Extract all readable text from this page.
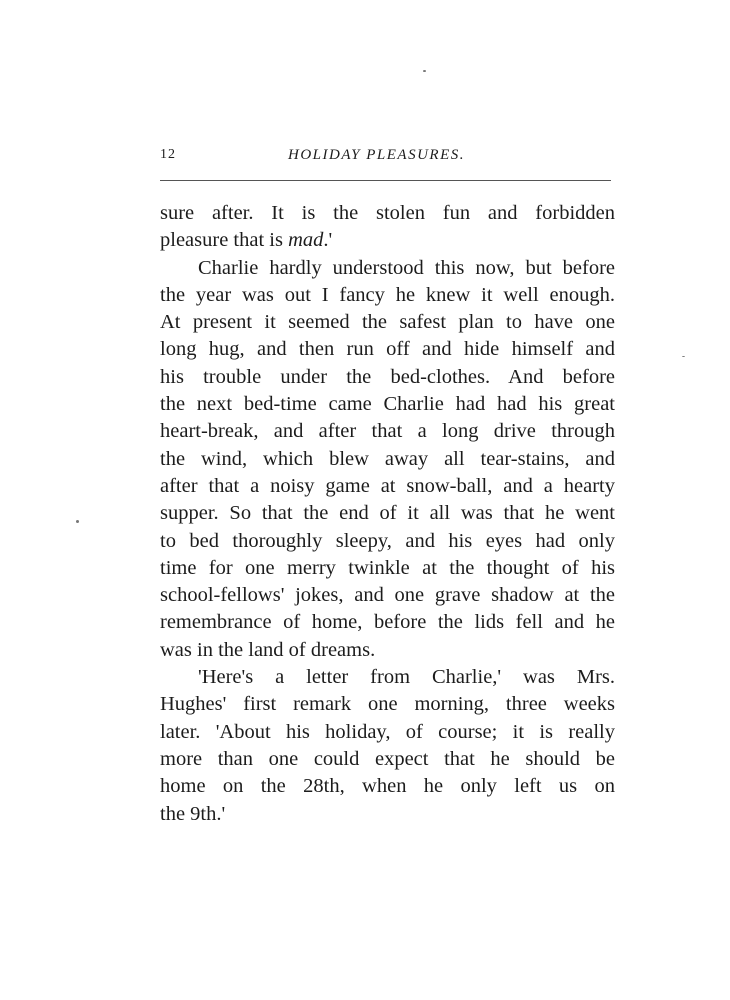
12	HOLIDAY PLEASURES.
sure after. It is the stolen fun and forbidden
pleasure that is mad.'
Charlie hardly understood this now, but before
the year was out I fancy he knew it well enough.
At present it seemed the safest plan to have one
long hug, and then run off and hide himself and
his trouble under the bed-clothes. And before
the next bed-time came Charlie had had his great
heart-break, and after that a long drive through
the wind, which blew away all tear-stains, and
after that a noisy game at snow-ball, and a hearty
supper. So that the end of it all was that he went
to bed thoroughly sleepy, and his eyes had only
time for one merry twinkle at the thought of his
school-fellows' jokes, and one grave shadow at the
remembrance of home, before the lids fell and he
was in the land of dreams.
'Here's a letter from Charlie,' was Mrs.
Hughes' first remark one morning, three weeks
later. 'About his holiday, of course; it is really
more than one could expect that he should be
home on the 28th, when he only left us on
the 9th.'
